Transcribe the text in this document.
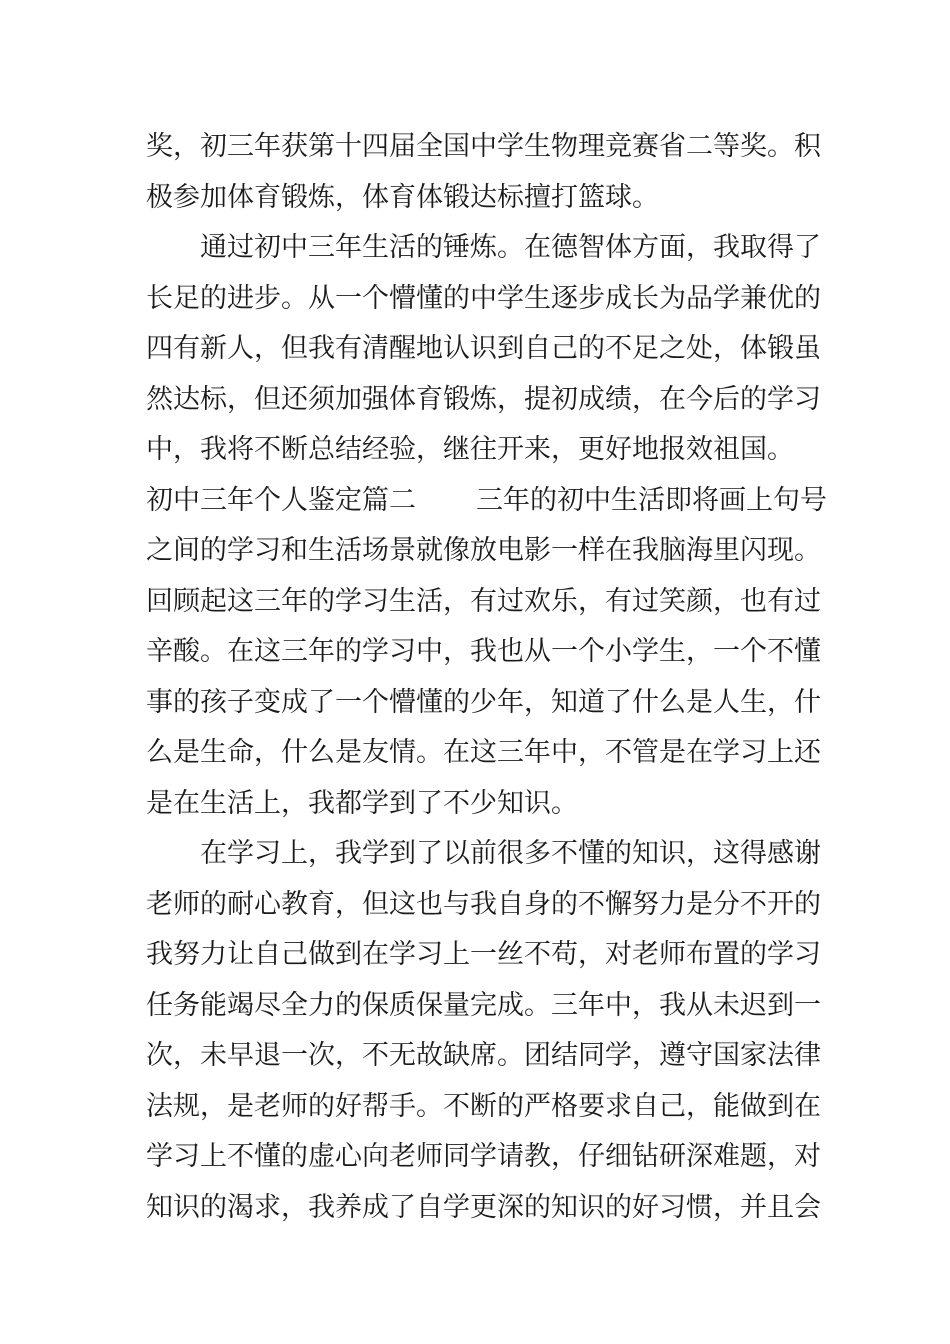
奖，初三年获第十四届全国中学生物理竞赛省二等奖。积
极参加体育锻炼，体育体锻达标擅打篮球。
通过初中三年生活的锤炼。在德智体方面，我取得了
长足的进步。从一个懵懂的中学生逐步成长为品学兼优的
四有新人，但我有清醒地认识到自己的不足之处，体锻虽
然达标，但还须加强体育锻炼，提初成绩，在今后的学习
中，我将不断总结经验，继往开来，更好地报效祖国。
初中三年个人鉴定篇二 三年的初中生活即将画上句号
之间的学习和生活场景就像放电影一样在我脑海里闪现。
回顾起这三年的学习生活，有过欢乐，有过笑颜，也有过
辛酸。在这三年的学习中，我也从一个小学生，一个不懂
事的孩子变成了一个懵懂的少年，知道了什么是人生，什
么是生命，什么是友情。在这三年中，不管是在学习上还
是在生活上，我都学到了不少知识。
在学习上，我学到了以前很多不懂的知识，这得感谢
老师的耐心教育，但这也与我自身的不懈努力是分不开的
我努力让自己做到在学习上一丝不苟，对老师布置的学习
任务能竭尽全力的保质保量完成。三年中，我从未迟到一
次，未早退一次，不无故缺席。团结同学，遵守国家法律
法规，是老师的好帮手。不断的严格要求自己，能做到在
学习上不懂的虚心向老师同学请教，仔细钻研深难题，对
知识的渴求，我养成了自学更深的知识的好习惯，并且会
